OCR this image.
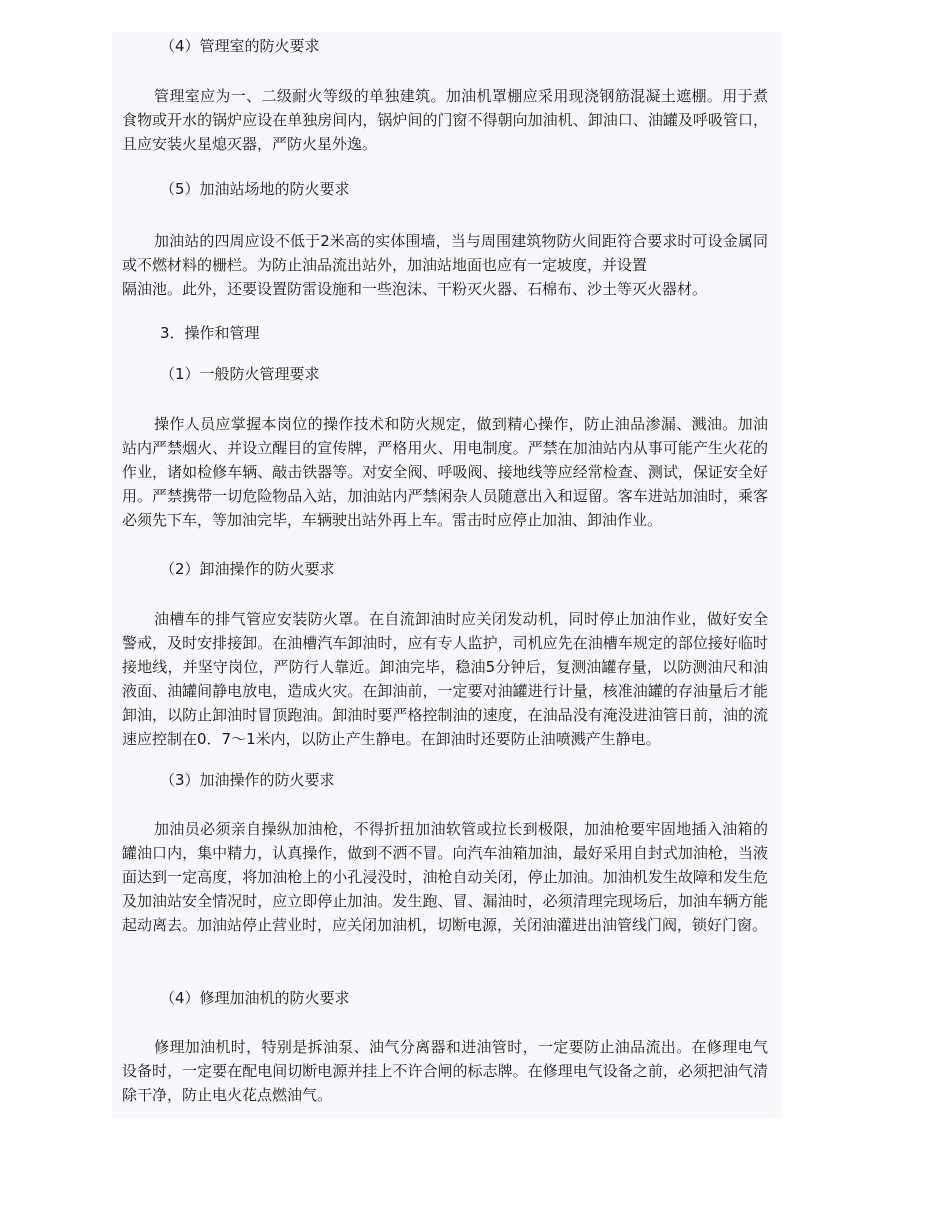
（4）管理室的防火要求
管理室应为一、二级耐火等级的单独建筑。加油机罩棚应采用现浇钢筋混凝土遮棚。用于煮食物或开水的锅炉应设在单独房间内，锅炉间的门窗不得朝向加油机、卸油口、油罐及呼吸管口，且应安装火星熄灭器，严防火星外逸。
（5）加油站场地的防火要求
加油站的四周应设不低于2米高的实体围墙，当与周围建筑物防火间距符合要求时可设金属同或不燃材料的栅栏。为防止油品流出站外，加油站地面也应有一定坡度，并设置
隔油池。此外，还要设置防雷设施和一些泡沫、干粉灭火器、石棉布、沙土等灭火器材。
3．操作和管理
（1）一般防火管理要求
操作人员应掌握本岗位的操作技术和防火规定，做到精心操作，防止油品渗漏、溅油。加油站内严禁烟火、并设立醒目的宣传牌，严格用火、用电制度。严禁在加油站内从事可能产生火花的作业，诸如检修车辆、敲击铁器等。对安全阀、呼吸阀、接地线等应经常检查、测试，保证安全好用。严禁携带一切危险物品入站，加油站内严禁闲杂人员随意出入和逗留。客车进站加油时，乘客必须先下车，等加油完毕，车辆驶出站外再上车。雷击时应停止加油、卸油作业。
（2）卸油操作的防火要求
油槽车的排气管应安装防火罩。在自流卸油时应关闭发动机，同时停止加油作业，做好安全警戒，及时安排接卸。在油槽汽车卸油时，应有专人监护，司机应先在油槽车规定的部位接好临时接地线，并坚守岗位，严防行人靠近。卸油完毕，稳油5分钟后，复测油罐存量，以防测油尺和油液面、油罐间静电放电，造成火灾。在卸油前，一定要对油罐进行计量，核准油罐的存油量后才能卸油，以防止卸油时冒顶跑油。卸油时要严格控制油的速度，在油品没有淹没进油管日前，油的流速应控制在0．7～1米内，以防止产生静电。在卸油时还要防止油喷溅产生静电。
（3）加油操作的防火要求
加油员必须亲自操纵加油枪，不得折扭加油软管或拉长到极限，加油枪要牢固地插入油箱的罐油口内，集中精力，认真操作，做到不洒不冒。向汽车油箱加油，最好采用自封式加油枪，当液面达到一定高度，将加油枪上的小孔浸没时，油枪自动关闭，停止加油。加油机发生故障和发生危及加油站安全情况时，应立即停止加油。发生跑、冒、漏油时，必须清理完现场后，加油车辆方能起动离去。加油站停止营业时，应关闭加油机，切断电源，关闭油灌进出油管线门阀，锁好门窗。
（4）修理加油机的防火要求
修理加油机时，特别是拆油泵、油气分离器和进油管时，一定要防止油品流出。在修理电气设备时，一定要在配电间切断电源并挂上不许合闸的标志牌。在修理电气设备之前，必须把油气清除干净，防止电火花点燃油气。
